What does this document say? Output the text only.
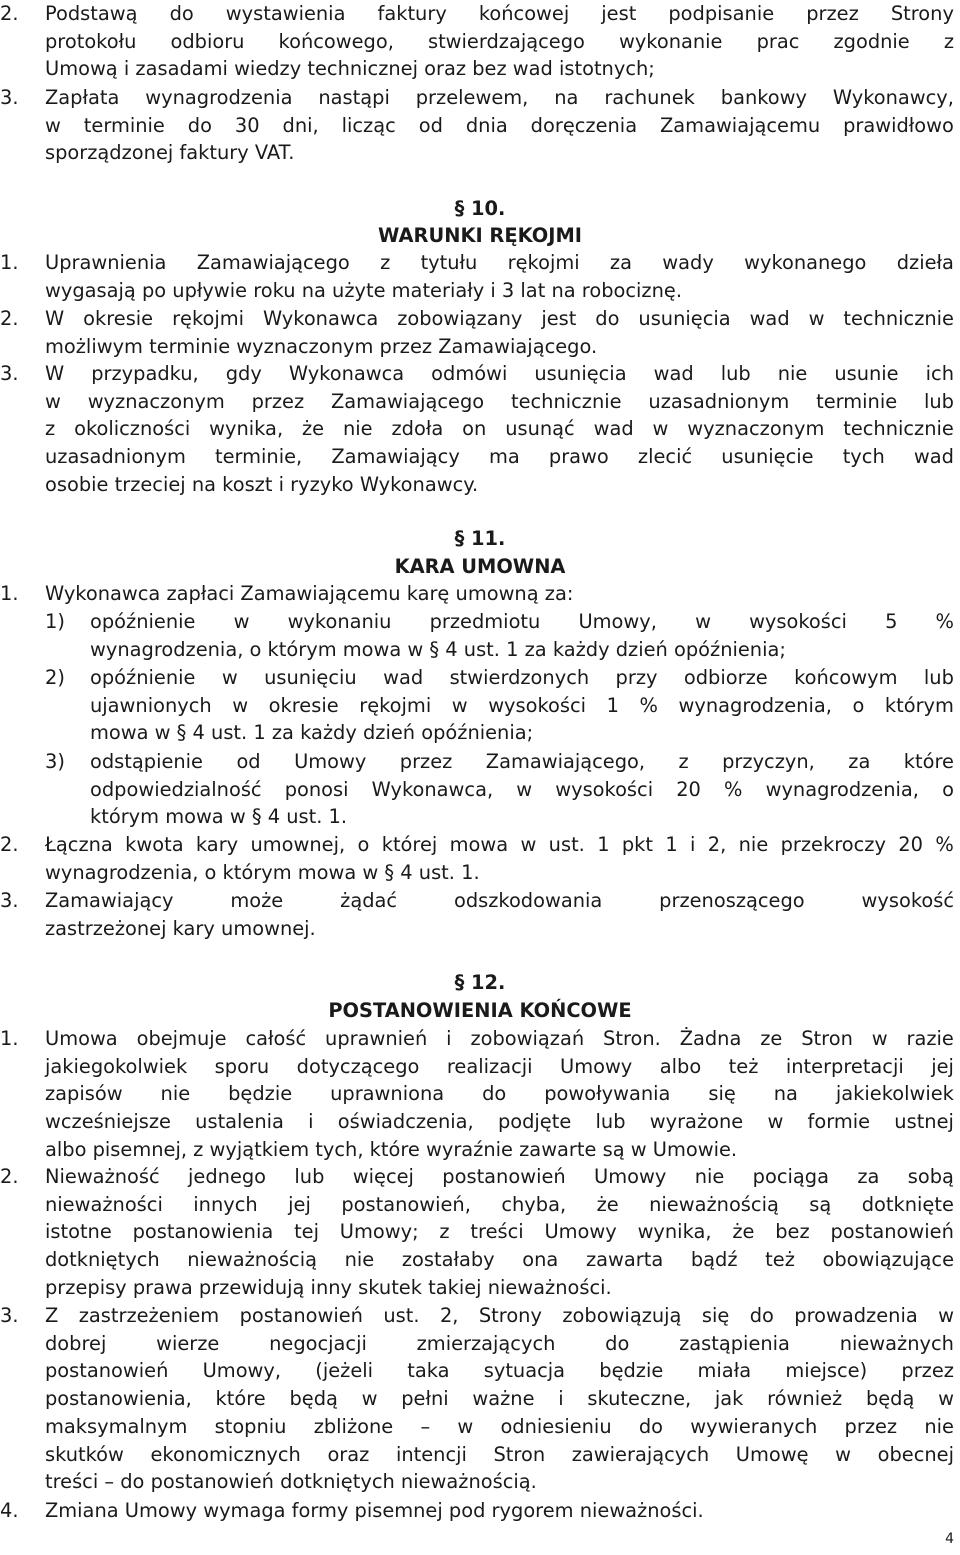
2. Podstawą do wystawienia faktury końcowej jest podpisanie przez Strony
protokołu odbioru końcowego, stwierdzającego wykonanie prac zgodnie z
Umową i zasadami wiedzy technicznej oraz bez wad istotnych;
3. Zapłata wynagrodzenia nastąpi przelewem, na rachunek bankowy Wykonawcy,
w terminie do 30 dni, licząc od dnia doręczenia Zamawiającemu prawidłowo
sporządzonej faktury VAT.
§ 10.
WARUNKI RĘKOJMI
1. Uprawnienia Zamawiającego z tytułu rękojmi za wady wykonanego dzieła
wygasają po upływie roku na użyte materiały i 3 lat na robociznę.
2. W okresie rękojmi Wykonawca zobowiązany jest do usunięcia wad w technicznie
możliwym terminie wyznaczonym przez Zamawiającego.
3. W przypadku, gdy Wykonawca odmówi usunięcia wad lub nie usunie ich
w wyznaczonym przez Zamawiającego technicznie uzasadnionym terminie lub
z okoliczności wynika, że nie zdoła on usunąć wad w wyznaczonym technicznie
uzasadnionym terminie, Zamawiający ma prawo zlecić usunięcie tych wad
osobie trzeciej na koszt i ryzyko Wykonawcy.
§ 11.
KARA UMOWNA
1. Wykonawca zapłaci Zamawiającemu karę umowną za:
1) opóźnienie w wykonaniu przedmiotu Umowy, w wysokości 5 %
wynagrodzenia, o którym mowa w § 4 ust. 1 za każdy dzień opóźnienia;
2) opóźnienie w usunięciu wad stwierdzonych przy odbiorze końcowym lub
ujawnionych w okresie rękojmi w wysokości 1 % wynagrodzenia, o którym
mowa w § 4 ust. 1 za każdy dzień opóźnienia;
3) odstąpienie od Umowy przez Zamawiającego, z przyczyn, za które
odpowiedzialność ponosi Wykonawca, w wysokości 20 % wynagrodzenia, o
którym mowa w § 4 ust. 1.
2. Łączna kwota kary umownej, o której mowa w ust. 1 pkt 1 i 2, nie przekroczy 20 %
wynagrodzenia, o którym mowa w § 4 ust. 1.
3. Zamawiający	może	żądać	odszkodowania	przenoszącego	wysokość
zastrzeżonej kary umownej.
§ 12.
POSTANOWIENIA KOŃCOWE
1. Umowa obejmuje całość uprawnień i zobowiązań Stron. Żadna ze Stron w razie
jakiegokolwiek sporu dotyczącego realizacji Umowy albo też interpretacji jej
zapisów nie będzie uprawniona do powoływania się na jakiekolwiek
wcześniejsze ustalenia i oświadczenia, podjęte lub wyrażone w formie ustnej
albo pisemnej, z wyjątkiem tych, które wyraźnie zawarte są w Umowie.
2. Nieważność jednego lub więcej postanowień Umowy nie pociąga za sobą
nieważności innych jej postanowień, chyba, że nieważnością są dotknięte
istotne postanowienia tej Umowy; z treści Umowy wynika, że bez postanowień
dotkniętych nieważnością nie zostałaby ona zawarta bądź też obowiązujące
przepisy prawa przewidują inny skutek takiej nieważności.
3. Z zastrzeżeniem postanowień ust. 2, Strony zobowiązują się do prowadzenia w
dobrej	wierze	negocjacji	zmierzających	do	zastąpienia	nieważnych
postanowień Umowy, (jeżeli taka sytuacja będzie miała miejsce) przez
postanowienia, które będą w pełni ważne i skuteczne, jak również będą w
maksymalnym stopniu zbliżone – w odniesieniu do wywieranych przez nie
skutków ekonomicznych oraz intencji Stron zawierających Umowę w obecnej
treści – do postanowień dotkniętych nieważnością.
4. Zmiana Umowy wymaga formy pisemnej pod rygorem nieważności.
4
